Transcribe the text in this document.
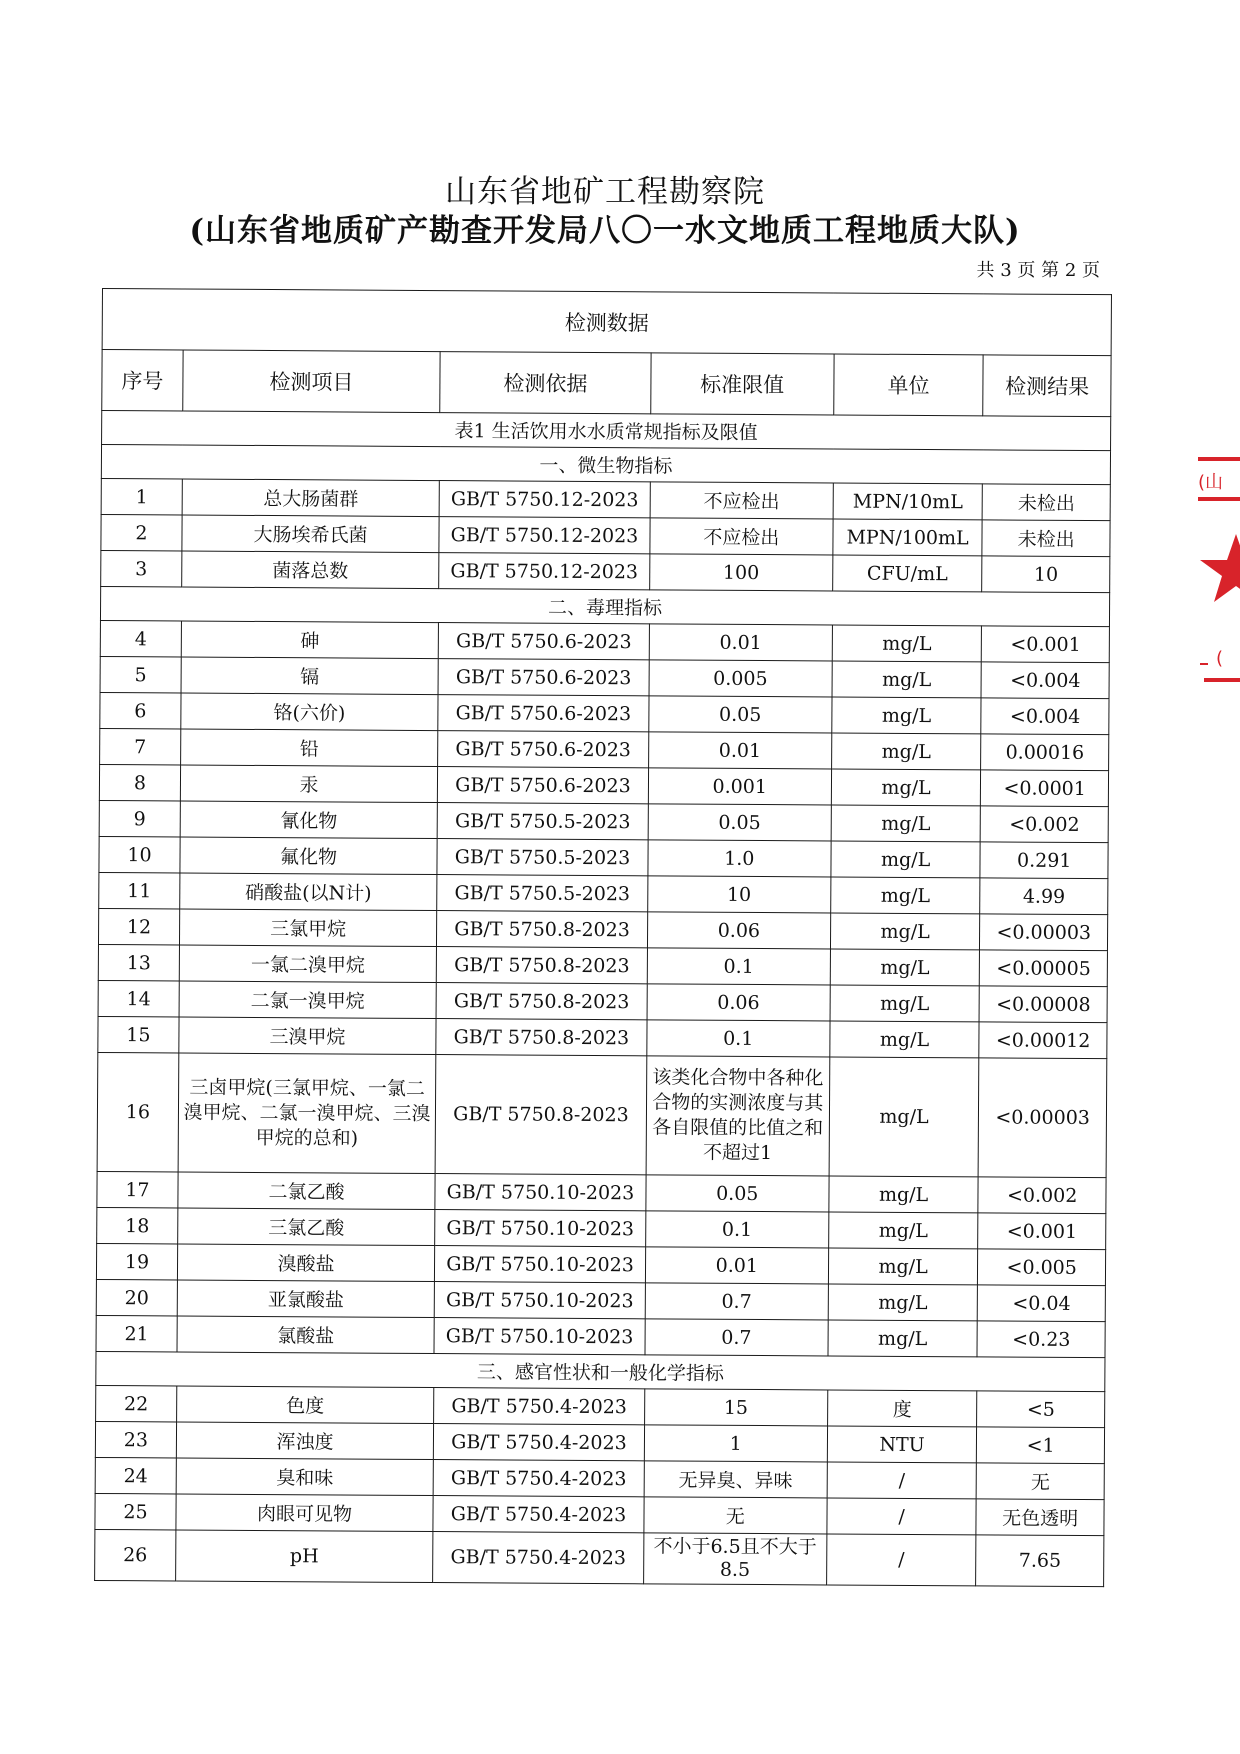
山东省地矿工程勘察院
(山东省地质矿产勘查开发局八〇一水文地质工程地质大队)
共 3 页 第 2 页
检测数据					
序号	检测项目	检测依据	标准限值	单位	检测结果
表1 生活饮用水水质常规指标及限值					
一、微生物指标					
1	总大肠菌群	GB/T 5750.12-2023	不应检出	MPN/10mL	未检出
2	大肠埃希氏菌	GB/T 5750.12-2023	不应检出	MPN/100mL	未检出
3	菌落总数	GB/T 5750.12-2023	100	CFU/mL	10
二、毒理指标					
4	砷	GB/T 5750.6-2023	0.01	mg/L	<0.001
5	镉	GB/T 5750.6-2023	0.005	mg/L	<0.004
6	铬(六价)	GB/T 5750.6-2023	0.05	mg/L	<0.004
7	铅	GB/T 5750.6-2023	0.01	mg/L	0.00016
8	汞	GB/T 5750.6-2023	0.001	mg/L	<0.0001
9	氰化物	GB/T 5750.5-2023	0.05	mg/L	<0.002
10	氟化物	GB/T 5750.5-2023	1.0	mg/L	0.291
11	硝酸盐(以N计)	GB/T 5750.5-2023	10	mg/L	4.99
12	三氯甲烷	GB/T 5750.8-2023	0.06	mg/L	<0.00003
13	一氯二溴甲烷	GB/T 5750.8-2023	0.1	mg/L	<0.00005
14	二氯一溴甲烷	GB/T 5750.8-2023	0.06	mg/L	<0.00008
15	三溴甲烷	GB/T 5750.8-2023	0.1	mg/L	<0.00012
16	三卤甲烷(三氯甲烷、一氯二溴甲烷、二氯一溴甲烷、三溴甲烷的总和)	GB/T 5750.8-2023	该类化合物中各种化合物的实测浓度与其各自限值的比值之和不超过1	mg/L	<0.00003
17	二氯乙酸	GB/T 5750.10-2023	0.05	mg/L	<0.002
18	三氯乙酸	GB/T 5750.10-2023	0.1	mg/L	<0.001
19	溴酸盐	GB/T 5750.10-2023	0.01	mg/L	<0.005
20	亚氯酸盐	GB/T 5750.10-2023	0.7	mg/L	<0.04
21	氯酸盐	GB/T 5750.10-2023	0.7	mg/L	<0.23
三、感官性状和一般化学指标					
22	色度	GB/T 5750.4-2023	15	度	<5
23	浑浊度	GB/T 5750.4-2023	1	NTU	<1
24	臭和味	GB/T 5750.4-2023	无异臭、异味	/	无
25	肉眼可见物	GB/T 5750.4-2023	无	/	无色透明
26	pH	GB/T 5750.4-2023	不小于6.5且不大于8.5	/	7.65
(山
(
